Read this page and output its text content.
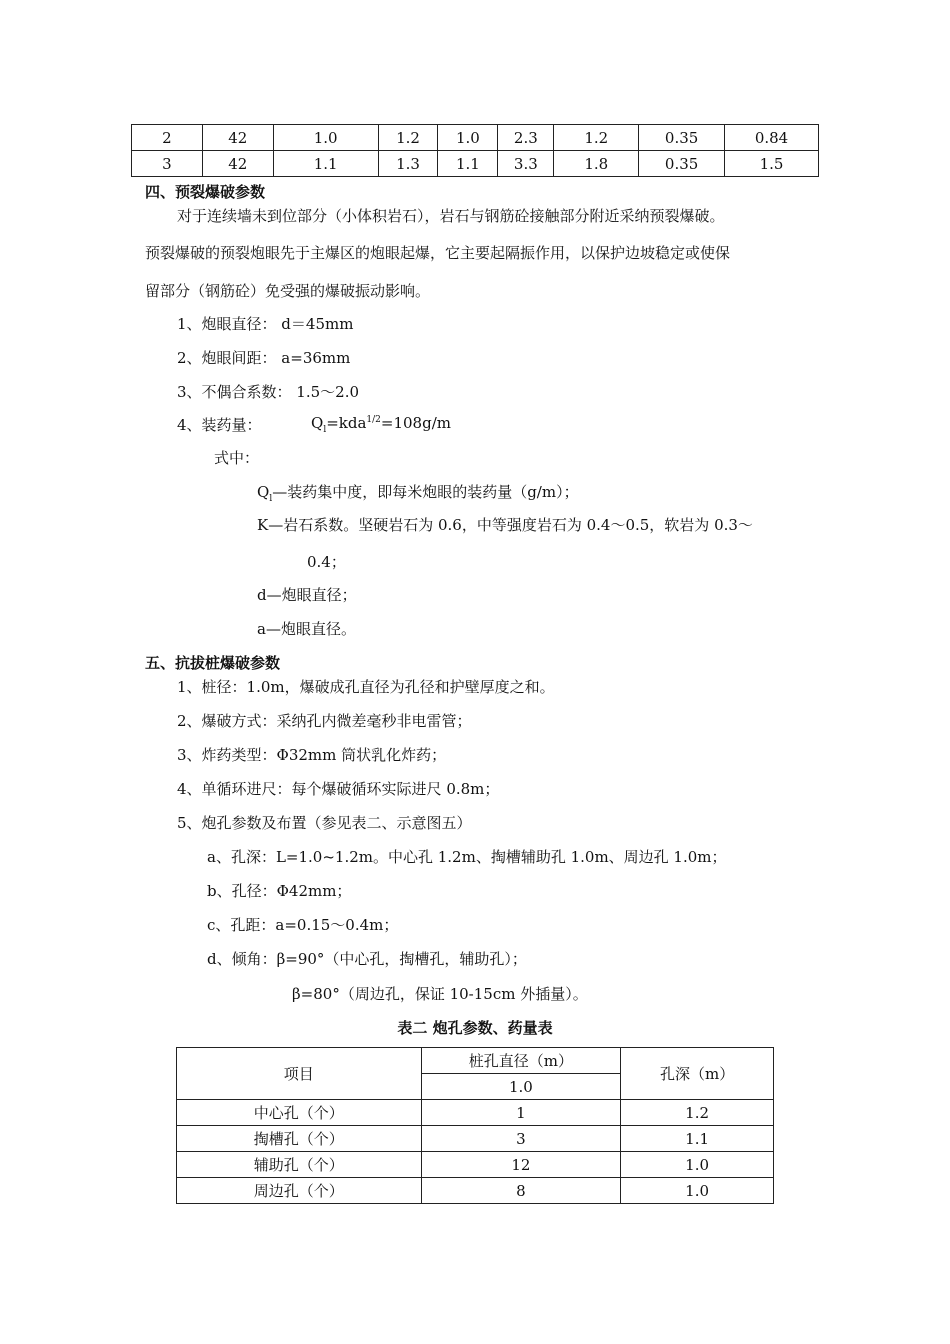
2	42	1.0	1.2	1.0	2.3	1.2	0.35	0.84
3	42	1.1	1.3	1.1	3.3	1.8	0.35	1.5
四、预裂爆破参数
对于连续墙未到位部分（小体积岩石），岩石与钢筋砼接触部分附近采纳预裂爆破。
预裂爆破的预裂炮眼先于主爆区的炮眼起爆，它主要起隔振作用，以保护边坡稳定或使保
留部分（钢筋砼）免受强的爆破振动影响。
1、炮眼直径： d＝45mm
2、炮眼间距： a=36mm
3、不偶合系数： 1.5～2.0
4、装药量：	$Q_l=kda^{1/2}=108g/m$
式中：
$Q_l—$装药集中度，即每米炮眼的装药量（g/m）；
K—岩石系数。坚硬岩石为 0.6，中等强度岩石为 0.4～0.5，软岩为 0.3～
0.4；
d—炮眼直径；
a—炮眼直径。
五、抗拔桩爆破参数
1、桩径：1.0m，爆破成孔直径为孔径和护壁厚度之和。
2、爆破方式：采纳孔内微差毫秒非电雷管；
3、炸药类型：Φ32mm 筒状乳化炸药；
4、单循环进尺：每个爆破循环实际进尺 0.8m；
5、炮孔参数及布置（参见表二、示意图五）
a、孔深：L=1.0~1.2m。中心孔 1.2m、掏槽辅助孔 1.0m、周边孔 1.0m；
b、孔径：Φ42mm；
c、孔距：a=0.15～0.4m；
d、倾角：β=90°（中心孔，掏槽孔，辅助孔）；
β=80°（周边孔，保证 10-15cm 外插量）。
表二 炮孔参数、药量表
项目	桩孔直径（m）	孔深（m）
	1.0	
中心孔（个）	1	1.2
掏槽孔（个）	3	1.1
辅助孔（个）	12	1.0
周边孔（个）	8	1.0
